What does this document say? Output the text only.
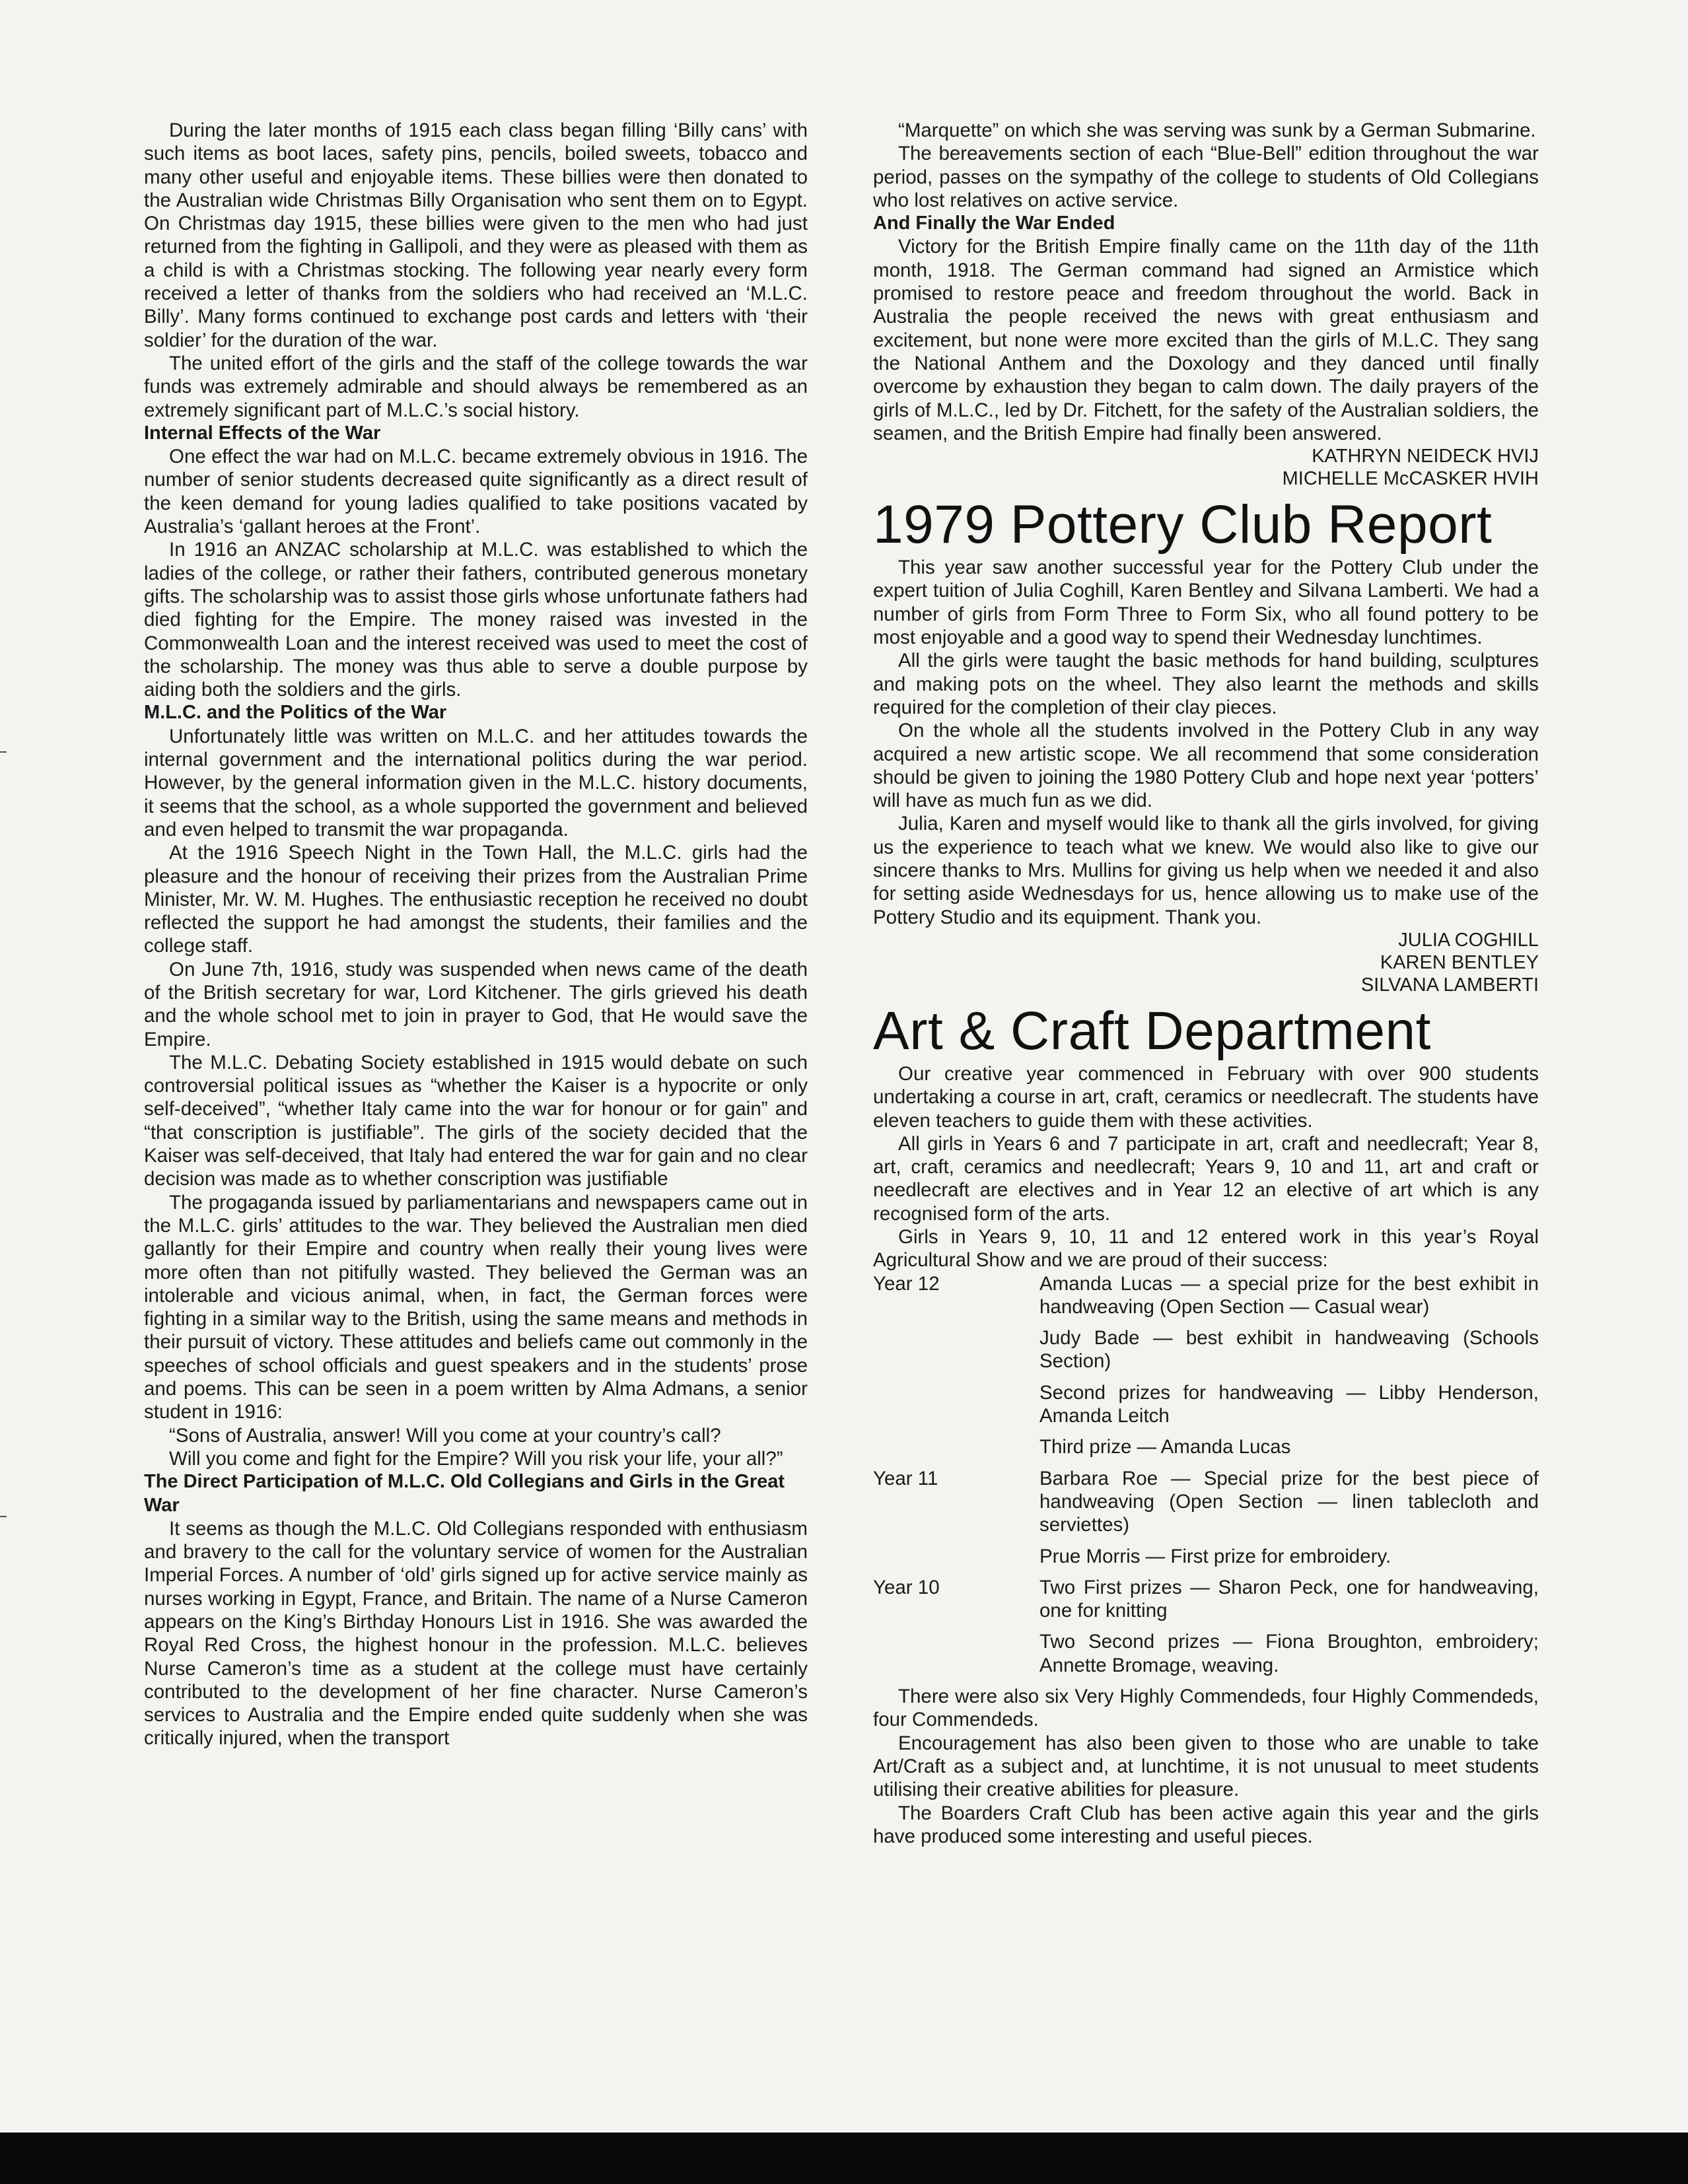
During the later months of 1915 each class began filling ‘Billy cans’ with such items as boot laces, safety pins, pencils, boiled sweets, tobacco and many other useful and enjoyable items. These billies were then donated to the Australian wide Christmas Billy Organisation who sent them on to Egypt. On Christmas day 1915, these billies were given to the men who had just returned from the fighting in Gallipoli, and they were as pleased with them as a child is with a Christmas stocking. The following year nearly every form received a letter of thanks from the soldiers who had received an ‘M.L.C. Billy’. Many forms continued to exchange post cards and letters with ‘their soldier’ for the duration of the war.

The united effort of the girls and the staff of the college towards the war funds was extremely admirable and should always be remembered as an extremely significant part of M.L.C.’s social history.

Internal Effects of the War

One effect the war had on M.L.C. became extremely obvious in 1916. The number of senior students decreased quite significantly as a direct result of the keen demand for young ladies qualified to take positions vacated by Australia’s ‘gallant heroes at the Front’.

In 1916 an ANZAC scholarship at M.L.C. was established to which the ladies of the college, or rather their fathers, contributed generous monetary gifts. The scholarship was to assist those girls whose unfortunate fathers had died fighting for the Empire. The money raised was invested in the Commonwealth Loan and the interest received was used to meet the cost of the scholarship. The money was thus able to serve a double purpose by aiding both the soldiers and the girls.

M.L.C. and the Politics of the War

Unfortunately little was written on M.L.C. and her attitudes towards the internal government and the international politics during the war period. However, by the general information given in the M.L.C. history documents, it seems that the school, as a whole supported the government and believed and even helped to transmit the war propaganda.

At the 1916 Speech Night in the Town Hall, the M.L.C. girls had the pleasure and the honour of receiving their prizes from the Australian Prime Minister, Mr. W. M. Hughes. The enthusiastic reception he received no doubt reflected the support he had amongst the students, their families and the college staff.

On June 7th, 1916, study was suspended when news came of the death of the British secretary for war, Lord Kitchener. The girls grieved his death and the whole school met to join in prayer to God, that He would save the Empire.

The M.L.C. Debating Society established in 1915 would debate on such controversial political issues as “whether the Kaiser is a hypocrite or only self-deceived”, “whether Italy came into the war for honour or for gain” and “that conscription is justifiable”. The girls of the society decided that the Kaiser was self-deceived, that Italy had entered the war for gain and no clear decision was made as to whether conscription was justifiable

The progaganda issued by parliamentarians and newspapers came out in the M.L.C. girls’ attitudes to the war. They believed the Australian men died gallantly for their Empire and country when really their young lives were more often than not pitifully wasted. They believed the German was an intolerable and vicious animal, when, in fact, the German forces were fighting in a similar way to the British, using the same means and methods in their pursuit of victory. These attitudes and beliefs came out commonly in the speeches of school officials and guest speakers and in the students’ prose and poems. This can be seen in a poem written by Alma Admans, a senior student in 1916:

“Sons of Australia, answer! Will you come at your country’s call?

Will you come and fight for the Empire? Will you risk your life, your all?”

The Direct Participation of M.L.C. Old Collegians and Girls in the Great War

It seems as though the M.L.C. Old Collegians responded with enthusiasm and bravery to the call for the voluntary service of women for the Australian Imperial Forces. A number of ‘old’ girls signed up for active service mainly as nurses working in Egypt, France, and Britain. The name of a Nurse Cameron appears on the King’s Birthday Honours List in 1916. She was awarded the Royal Red Cross, the highest honour in the profession. M.L.C. believes Nurse Cameron’s time as a student at the college must have certainly contributed to the development of her fine character. Nurse Cameron’s services to Australia and the Empire ended quite suddenly when she was critically injured, when the transport

“Marquette” on which she was serving was sunk by a German Submarine.

The bereavements section of each “Blue-Bell” edition throughout the war period, passes on the sympathy of the college to students of Old Collegians who lost relatives on active service.

And Finally the War Ended

Victory for the British Empire finally came on the 11th day of the 11th month, 1918. The German command had signed an Armistice which promised to restore peace and freedom throughout the world. Back in Australia the people received the news with great enthusiasm and excitement, but none were more excited than the girls of M.L.C. They sang the National Anthem and the Doxology and they danced until finally overcome by exhaustion they began to calm down. The daily prayers of the girls of M.L.C., led by Dr. Fitchett, for the safety of the Australian soldiers, the seamen, and the British Empire had finally been answered.

KATHRYN NEIDECK HVIJ

MICHELLE McCASKER HVIH

1979 Pottery Club Report

This year saw another successful year for the Pottery Club under the expert tuition of Julia Coghill, Karen Bentley and Silvana Lamberti. We had a number of girls from Form Three to Form Six, who all found pottery to be most enjoyable and a good way to spend their Wednesday lunchtimes.

All the girls were taught the basic methods for hand building, sculptures and making pots on the wheel. They also learnt the methods and skills required for the completion of their clay pieces.

On the whole all the students involved in the Pottery Club in any way acquired a new artistic scope. We all recommend that some consideration should be given to joining the 1980 Pottery Club and hope next year ‘potters’ will have as much fun as we did.

Julia, Karen and myself would like to thank all the girls involved, for giving us the experience to teach what we knew. We would also like to give our sincere thanks to Mrs. Mullins for giving us help when we needed it and also for setting aside Wednesdays for us, hence allowing us to make use of the Pottery Studio and its equipment. Thank you.

JULIA COGHILL

KAREN BENTLEY

SILVANA LAMBERTI

Art & Craft Department

Our creative year commenced in February with over 900 students undertaking a course in art, craft, ceramics or needlecraft. The students have eleven teachers to guide them with these activities.

All girls in Years 6 and 7 participate in art, craft and needlecraft; Year 8, art, craft, ceramics and needlecraft; Years 9, 10 and 11, art and craft or needlecraft are electives and in Year 12 an elective of art which is any recognised form of the arts.

Girls in Years 9, 10, 11 and 12 entered work in this year’s Royal Agricultural Show and we are proud of their success:

Year 12	Amanda Lucas — a special prize for the best exhibit in handweaving (Open Section — Casual wear)

Judy Bade — best exhibit in handweaving (Schools Section)

Second prizes for handweaving — Libby Henderson, Amanda Leitch

Third prize — Amanda Lucas

Year 11	Barbara Roe — Special prize for the best piece of handweaving (Open Section — linen tablecloth and serviettes)

Prue Morris — First prize for embroidery.

Year 10	Two First prizes — Sharon Peck, one for handweaving, one for knitting

Two Second prizes — Fiona Broughton, embroidery; Annette Bromage, weaving.

There were also six Very Highly Commendeds, four Highly Commendeds, four Commendeds.

Encouragement has also been given to those who are unable to take Art/Craft as a subject and, at lunchtime, it is not unusual to meet students utilising their creative abilities for pleasure.

The Boarders Craft Club has been active again this year and the girls have produced some interesting and useful pieces.
